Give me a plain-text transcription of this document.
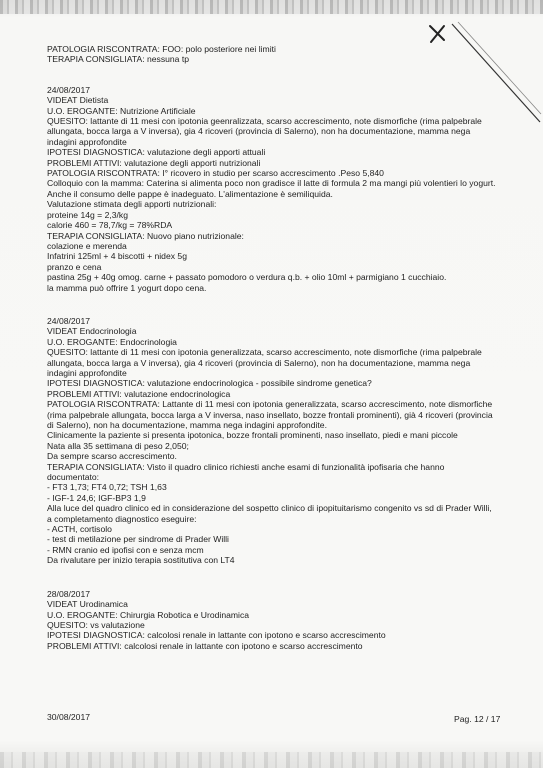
PATOLOGIA RISCONTRATA: FOO: polo posteriore nei limiti
TERAPIA CONSIGLIATA: nessuna tp
24/08/2017
VIDEAT Dietista
U.O. EROGANTE: Nutrizione Artificiale
QUESITO: lattante di 11 mesi con ipotonia geenralizzata, scarso accrescimento, note dismorfiche (rima palpebrale
allungata, bocca larga a V inversa), gia 4 ricoveri (provincia di Salerno), non ha documentazione, mamma nega
indagini approfondite
IPOTESI DIAGNOSTICA: valutazione degli apporti attuali
PROBLEMI ATTIVI: valutazione degli apporti nutrizionali
PATOLOGIA RISCONTRATA: I° ricovero in studio per scarso accrescimento .Peso 5,840
Colloquio con la mamma: Caterina si alimenta poco non gradisce il latte di formula 2 ma mangi più volentieri lo yogurt.
Anche il consumo delle pappe è inadeguato. L'alimentazione è semiliquida.
Valutazione stimata degli apporti nutrizionali:
proteine 14g = 2,3/kg
calorie 460 = 78,7/kg = 78%RDA
TERAPIA CONSIGLIATA: Nuovo piano nutrizionale:
colazione e merenda
Infatrini 125ml + 4 biscotti + nidex 5g
pranzo e cena
pastina 25g + 40g omog. carne + passato pomodoro o verdura q.b. + olio 10ml + parmigiano 1 cucchiaio.
la mamma può offrire 1 yogurt dopo cena.
24/08/2017
VIDEAT Endocrinologia
U.O. EROGANTE: Endocrinologia
QUESITO: lattante di 11 mesi con ipotonia generalizzata, scarso accrescimento, note dismorfiche (rima palpebrale
allungata, bocca larga a V inversa), gia 4 ricoveri (provincia di Salerno), non ha documentazione, mamma nega
indagini approfondite
IPOTESI DIAGNOSTICA: valutazione endocrinologica - possibile sindrome genetica?
PROBLEMI ATTIVI: valutazione endocrinologica
PATOLOGIA RISCONTRATA: Lattante di 11 mesi con ipotonia generalizzata, scarso accrescimento, note dismorfiche
(rima palpebrale allungata, bocca larga a V inversa, naso insellato, bozze frontali prominenti), già 4 ricoveri (provincia
di Salerno), non ha documentazione, mamma nega indagini approfondite.
Clinicamente la paziente si presenta ipotonica, bozze frontali prominenti, naso insellato, piedi e mani piccole
Nata alla 35 settimana di peso 2,050;
Da sempre scarso accrescimento.
TERAPIA CONSIGLIATA: Visto il quadro clinico richiesti anche esami di funzionalità ipofisaria che hanno
documentato:
- FT3 1,73; FT4 0,72; TSH 1,63
- IGF-1 24,6; IGF-BP3 1,9
Alla luce del quadro clinico ed in considerazione del sospetto clinico di ipopituitarismo congenito vs sd di Prader Willi,
a completamento diagnostico eseguire:
- ACTH, cortisolo
- test di metilazione per sindrome di Prader Willi
- RMN cranio ed ipofisi con e senza mcm
Da rivalutare per inizio terapia sostitutiva con LT4
28/08/2017
VIDEAT Urodinamica
U.O. EROGANTE: Chirurgia Robotica e Urodinamica
QUESITO: vs valutazione
IPOTESI DIAGNOSTICA: calcolosi renale in lattante con ipotono e scarso accrescimento
PROBLEMI ATTIVI: calcolosi renale in lattante con ipotono e scarso accrescimento
30/08/2017	Pag. 12 / 17
